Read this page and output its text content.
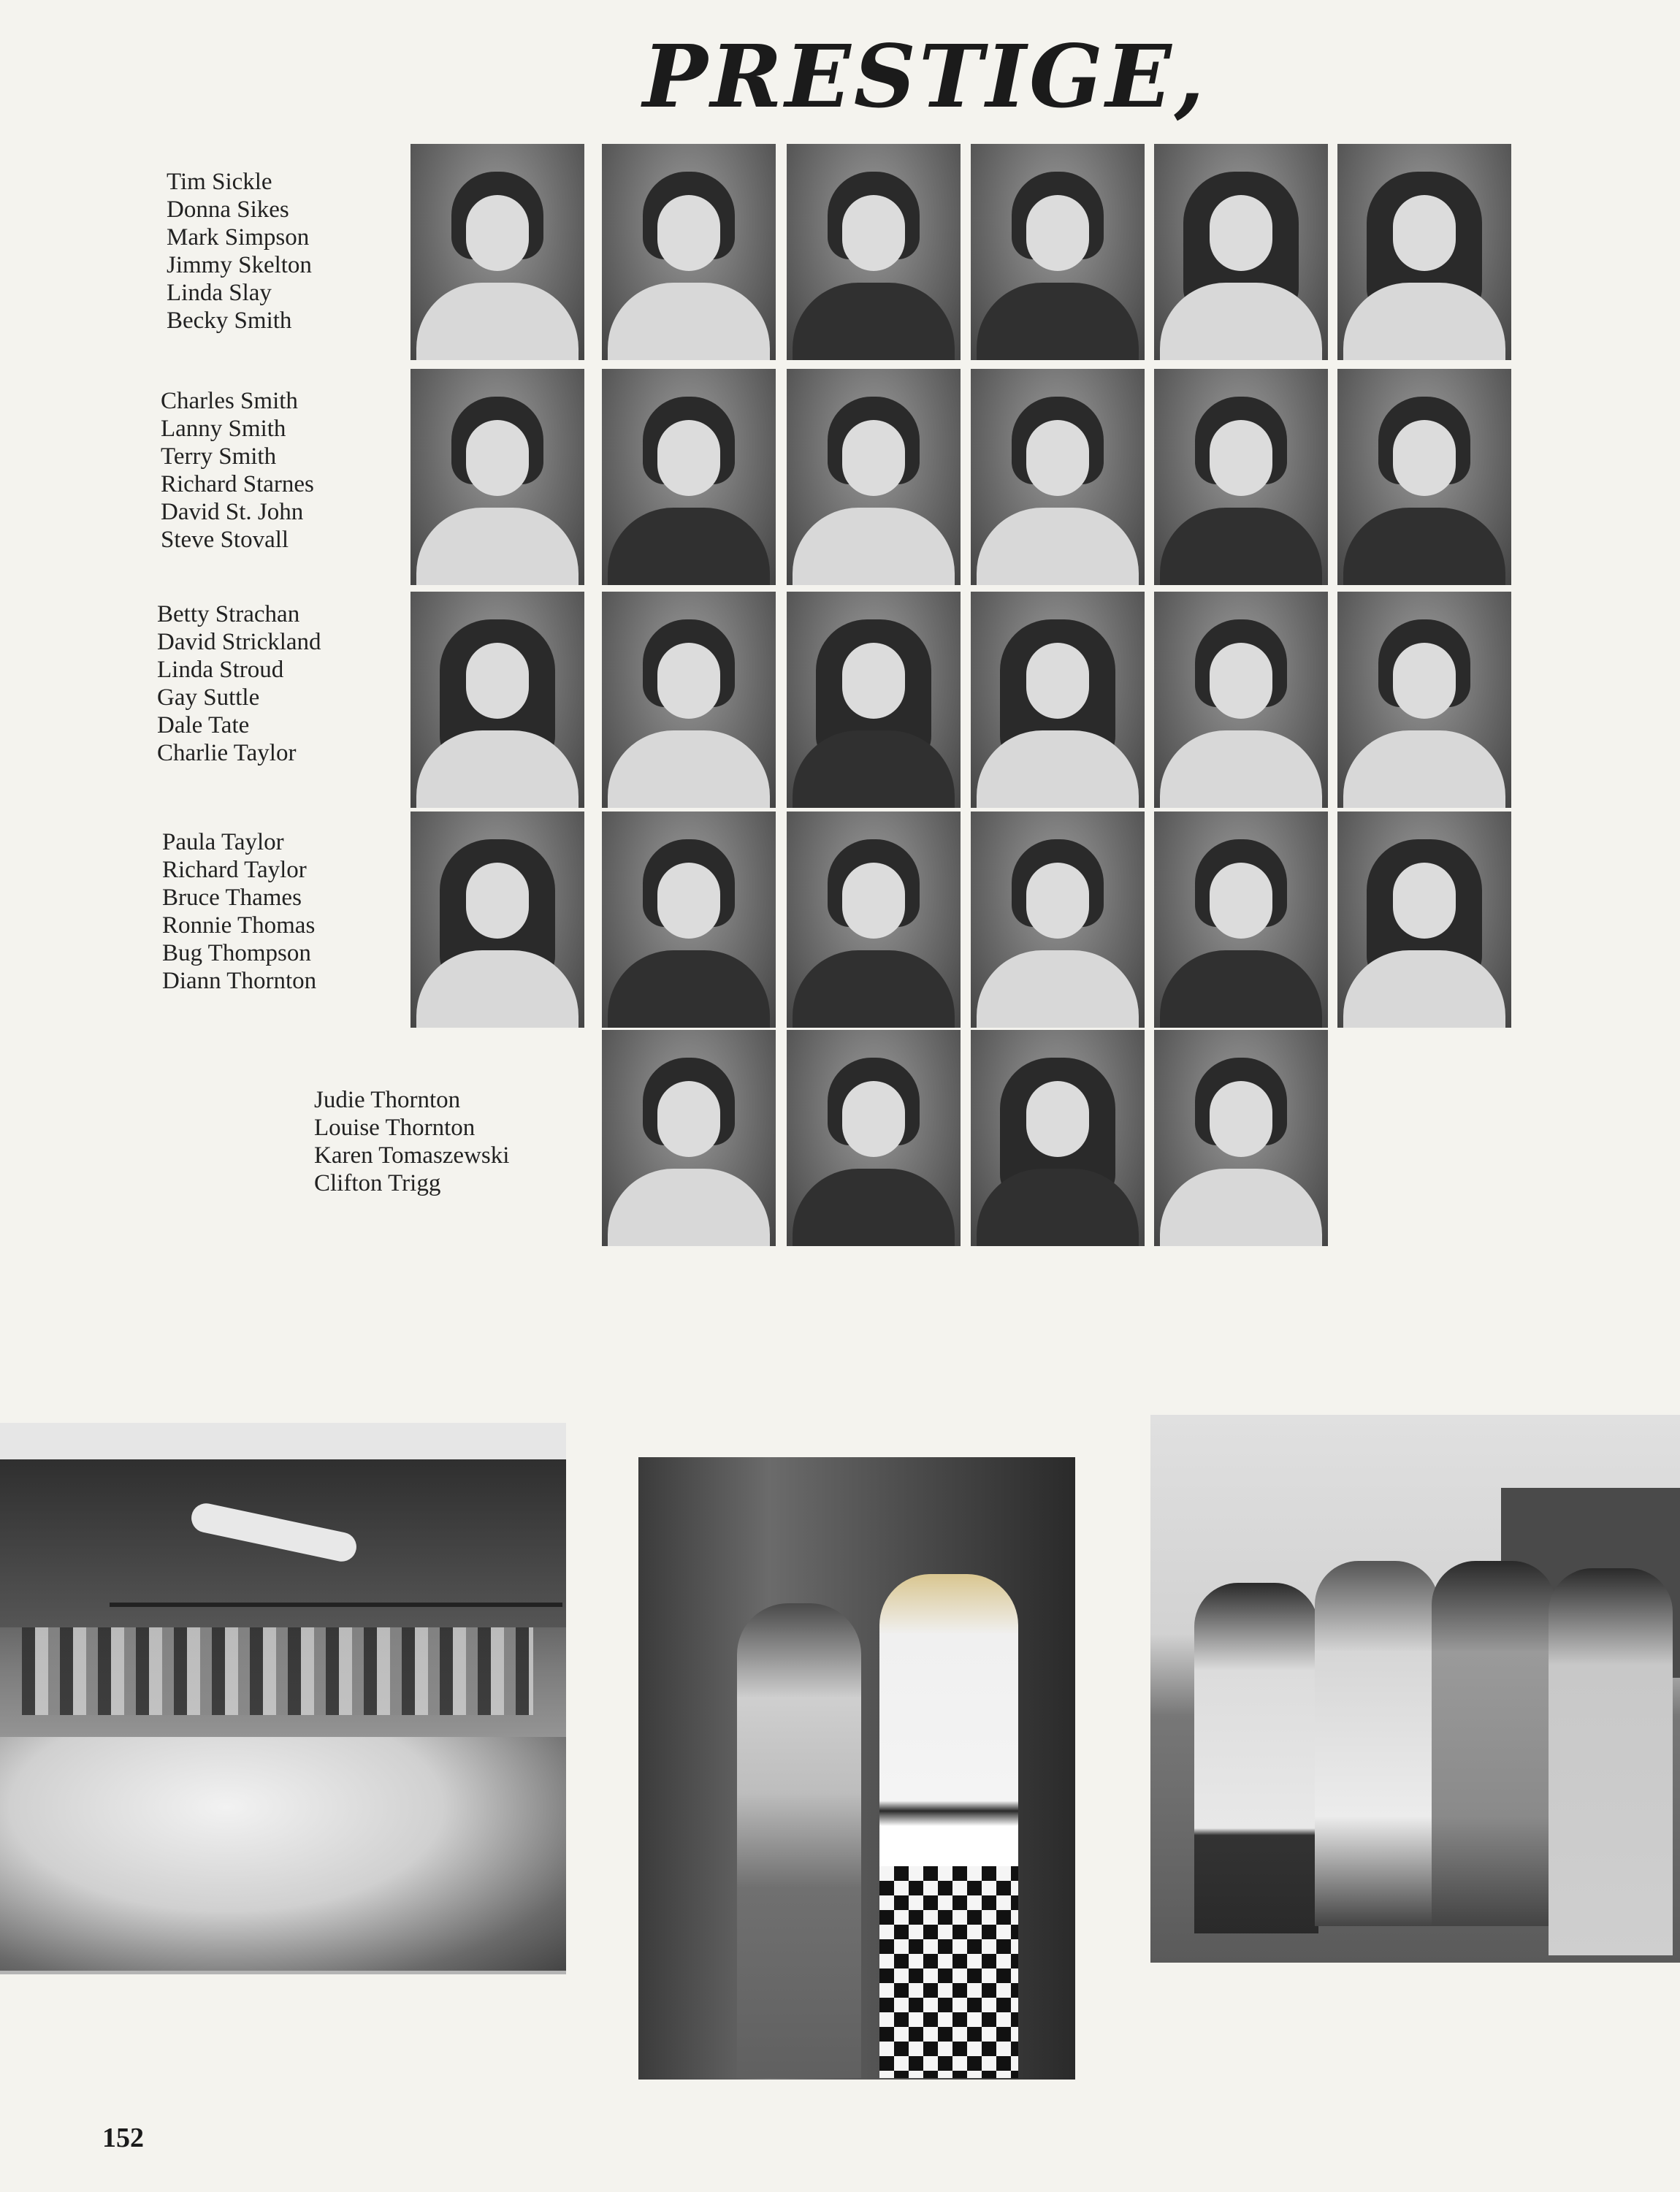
PRESTIGE,
Tim Sickle
Donna Sikes
Mark Simpson
Jimmy Skelton
Linda Slay
Becky Smith
Charles Smith
Lanny Smith
Terry Smith
Richard Starnes
David St. John
Steve Stovall
Betty Strachan
David Strickland
Linda Stroud
Gay Suttle
Dale Tate
Charlie Taylor
Paula Taylor
Richard Taylor
Bruce Thames
Ronnie Thomas
Bug Thompson
Diann Thornton
Judie Thornton
Louise Thornton
Karen Tomaszewski
Clifton Trigg
152
